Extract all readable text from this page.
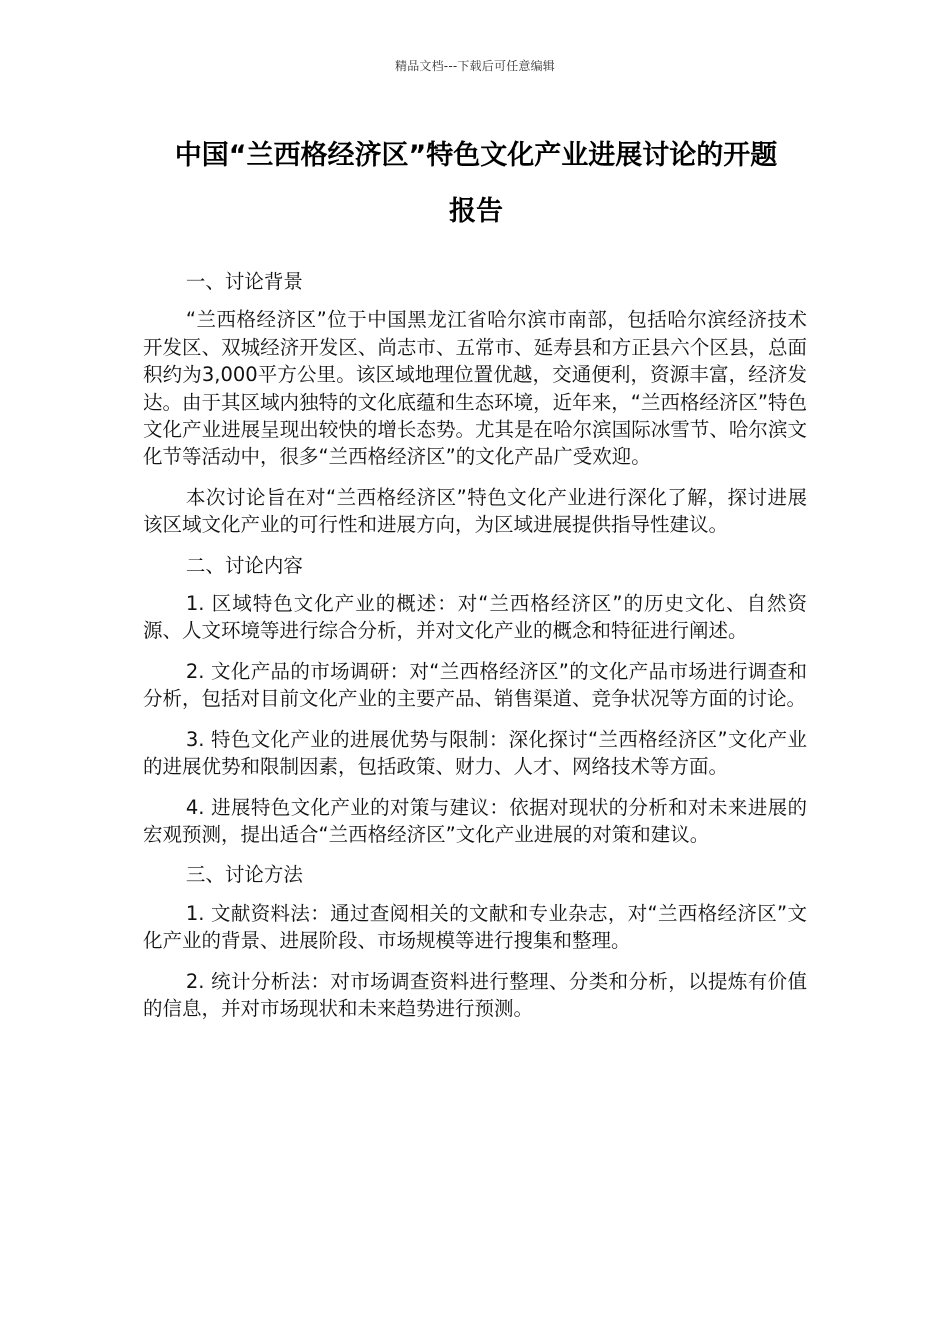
精品文档---下载后可任意编辑
中国“兰西格经济区”特色文化产业进展讨论的开题
报告

一、讨论背景

“兰西格经济区”位于中国黑龙江省哈尔滨市南部，包括哈尔滨经济技术开发区、双城经济开发区、尚志市、五常市、延寿县和方正县六个区县，总面积约为3,000平方公里。该区域地理位置优越，交通便利，资源丰富，经济发达。由于其区域内独特的文化底蕴和生态环境，近年来，“兰西格经济区”特色文化产业进展呈现出较快的增长态势。尤其是在哈尔滨国际冰雪节、哈尔滨文化节等活动中，很多“兰西格经济区”的文化产品广受欢迎。

本次讨论旨在对“兰西格经济区”特色文化产业进行深化了解，探讨进展该区域文化产业的可行性和进展方向，为区域进展提供指导性建议。

二、讨论内容

1. 区域特色文化产业的概述：对“兰西格经济区”的历史文化、自然资源、人文环境等进行综合分析，并对文化产业的概念和特征进行阐述。

2. 文化产品的市场调研：对“兰西格经济区”的文化产品市场进行调查和分析，包括对目前文化产业的主要产品、销售渠道、竞争状况等方面的讨论。

3. 特色文化产业的进展优势与限制：深化探讨“兰西格经济区”文化产业的进展优势和限制因素，包括政策、财力、人才、网络技术等方面。

4. 进展特色文化产业的对策与建议：依据对现状的分析和对未来进展的宏观预测，提出适合“兰西格经济区”文化产业进展的对策和建议。

三、讨论方法

1. 文献资料法：通过查阅相关的文献和专业杂志，对“兰西格经济区”文化产业的背景、进展阶段、市场规模等进行搜集和整理。

2. 统计分析法：对市场调查资料进行整理、分类和分析，以提炼有价值的信息，并对市场现状和未来趋势进行预测。
